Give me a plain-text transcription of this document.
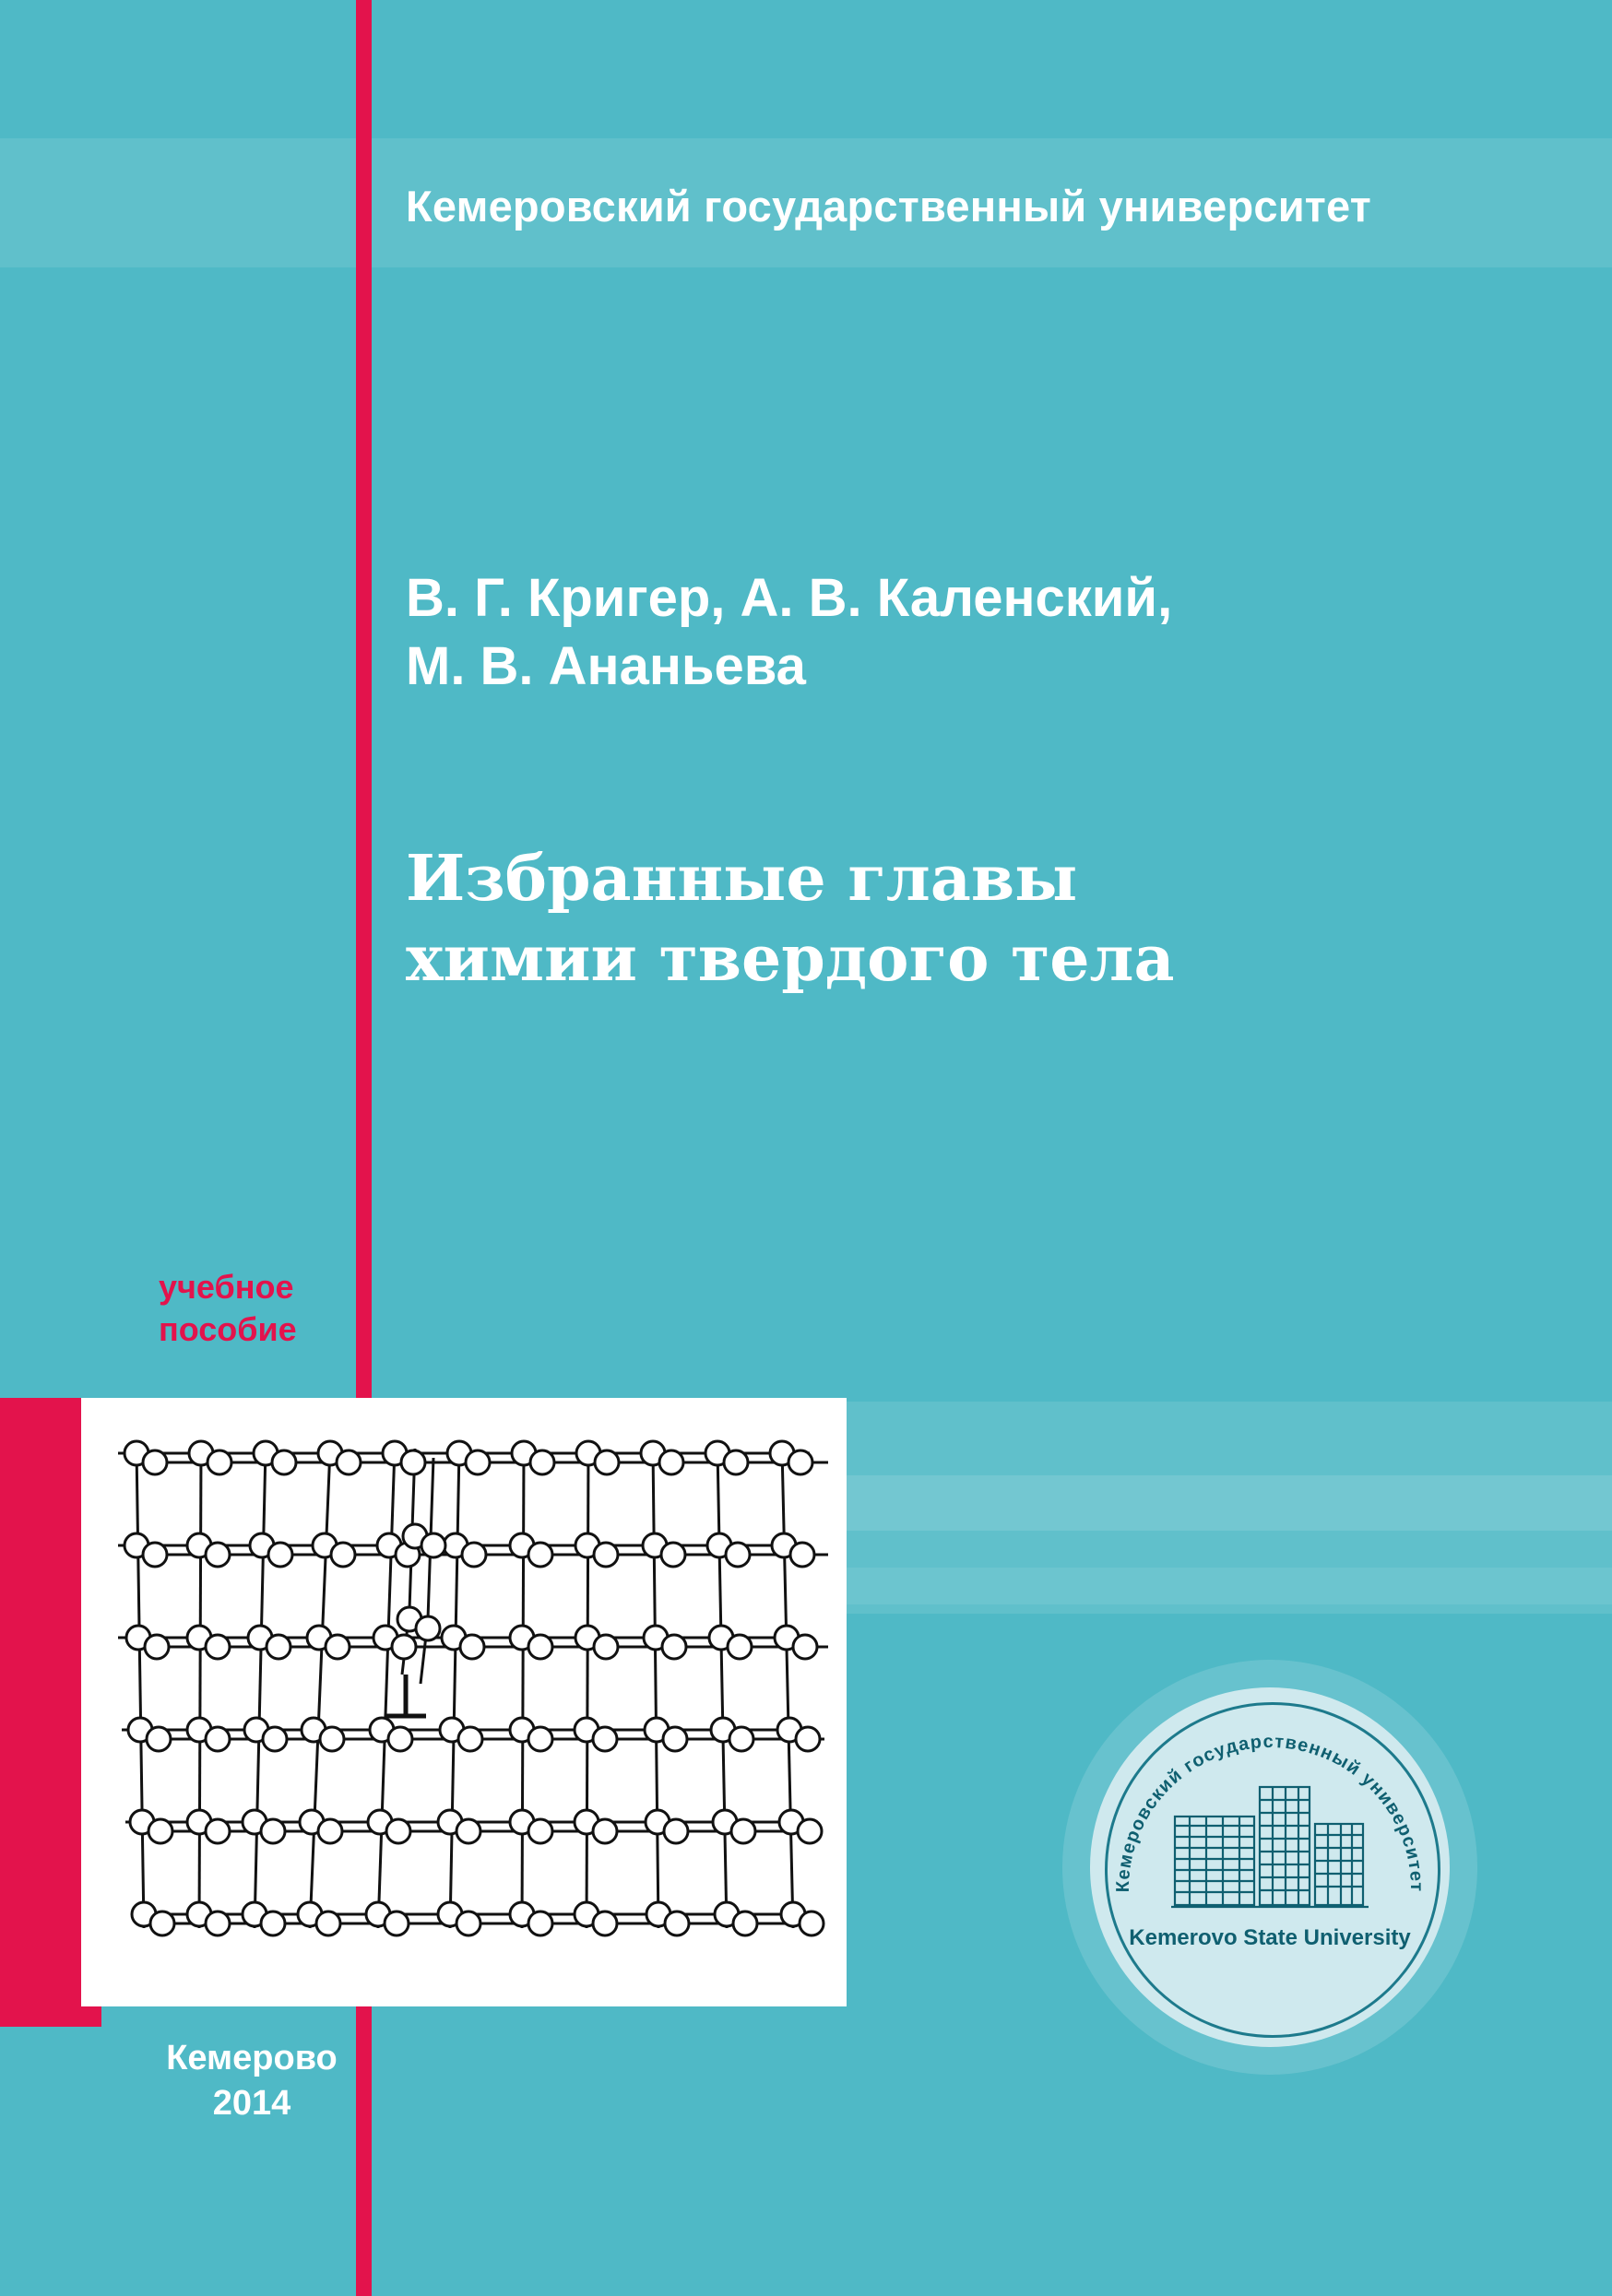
Кемеровский государственный университет
В. Г. Кригер, А. В. Каленский,
М. В. Ананьева
Избранные главы
химии твердого тела
учебное
пособие
Кемерово
2014
Кемеровский государственный университет
Kemerovo State University
